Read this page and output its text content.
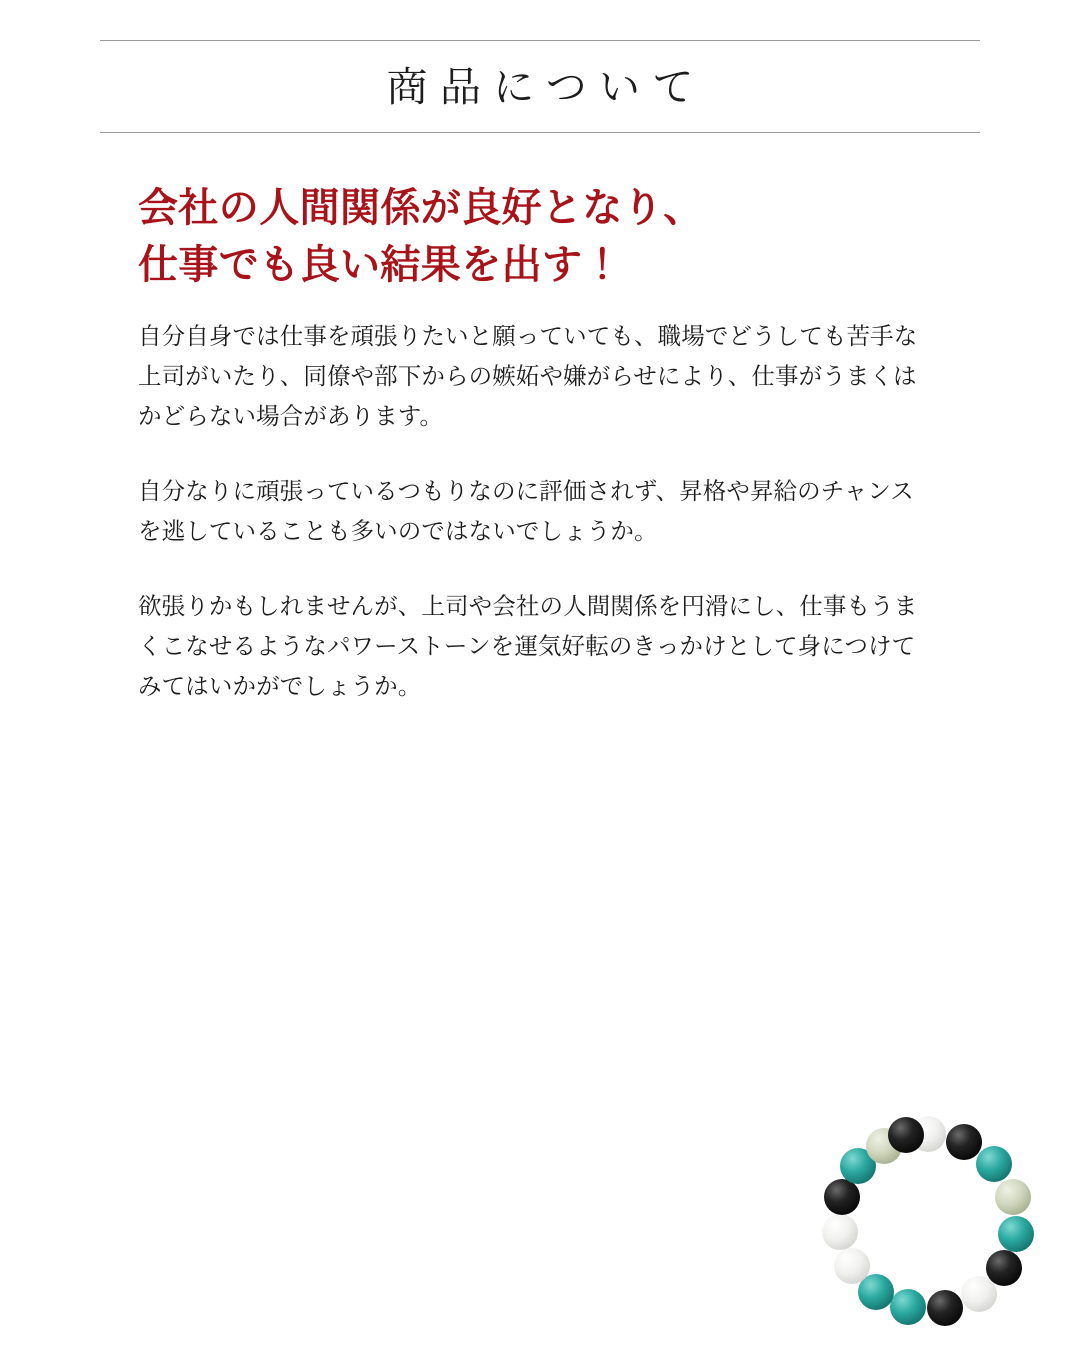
商品について
会社の人間関係が良好となり、
仕事でも良い結果を出す！

自分自身では仕事を頑張りたいと願っていても、職場でどうしても苦手な上司がいたり、同僚や部下からの嫉妬や嫌がらせにより、仕事がうまくはかどらない場合があります。

自分なりに頑張っているつもりなのに評価されず、昇格や昇給のチャンスを逃していることも多いのではないでしょうか。

欲張りかもしれませんが、上司や会社の人間関係を円滑にし、仕事もうまくこなせるようなパワーストーンを運気好転のきっかけとして身につけてみてはいかがでしょうか。
